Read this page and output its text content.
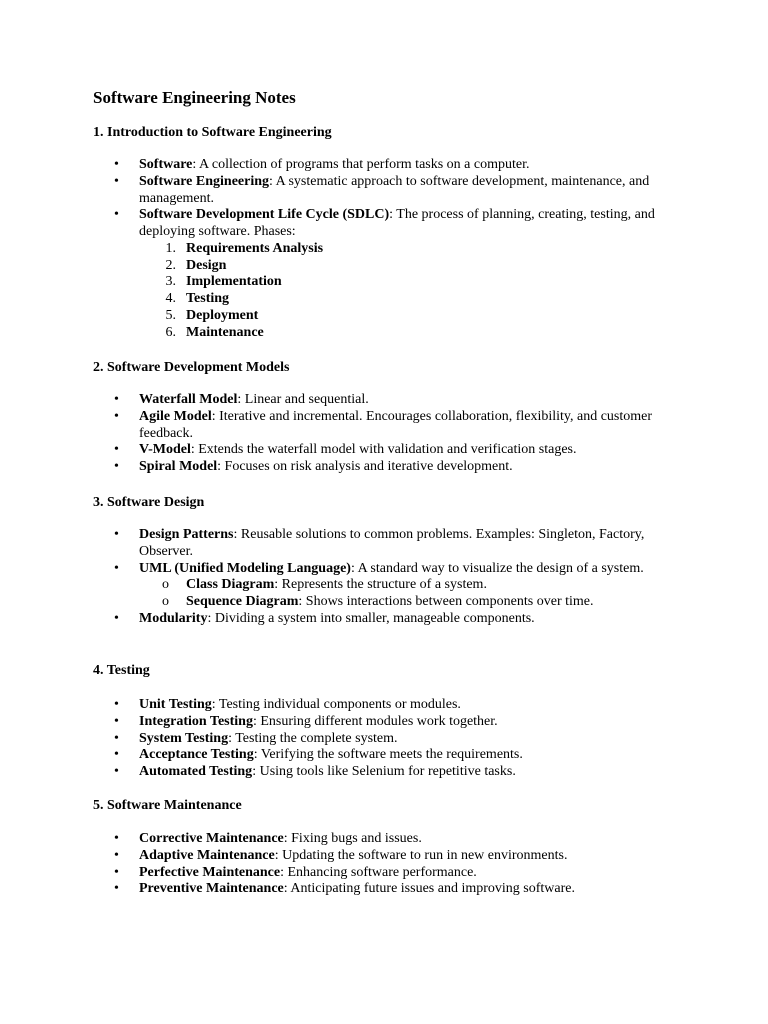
Software Engineering Notes
1. Introduction to Software Engineering
•	Software: A collection of programs that perform tasks on a computer.
•	Software Engineering: A systematic approach to software development, maintenance, and management.
•	Software Development Life Cycle (SDLC): The process of planning, creating, testing, and deploying software. Phases:
1. Requirements Analysis
2. Design
3. Implementation
4. Testing
5. Deployment
6. Maintenance
2. Software Development Models
•	Waterfall Model: Linear and sequential.
•	Agile Model: Iterative and incremental. Encourages collaboration, flexibility, and customer feedback.
•	V-Model: Extends the waterfall model with validation and verification stages.
•	Spiral Model: Focuses on risk analysis and iterative development.
3. Software Design
•	Design Patterns: Reusable solutions to common problems. Examples: Singleton, Factory, Observer.
•	UML (Unified Modeling Language): A standard way to visualize the design of a system.
o Class Diagram: Represents the structure of a system.
o Sequence Diagram: Shows interactions between components over time.
•	Modularity: Dividing a system into smaller, manageable components.
4. Testing
•	Unit Testing: Testing individual components or modules.
•	Integration Testing: Ensuring different modules work together.
•	System Testing: Testing the complete system.
•	Acceptance Testing: Verifying the software meets the requirements.
•	Automated Testing: Using tools like Selenium for repetitive tasks.
5. Software Maintenance
•	Corrective Maintenance: Fixing bugs and issues.
•	Adaptive Maintenance: Updating the software to run in new environments.
•	Perfective Maintenance: Enhancing software performance.
•	Preventive Maintenance: Anticipating future issues and improving software.
